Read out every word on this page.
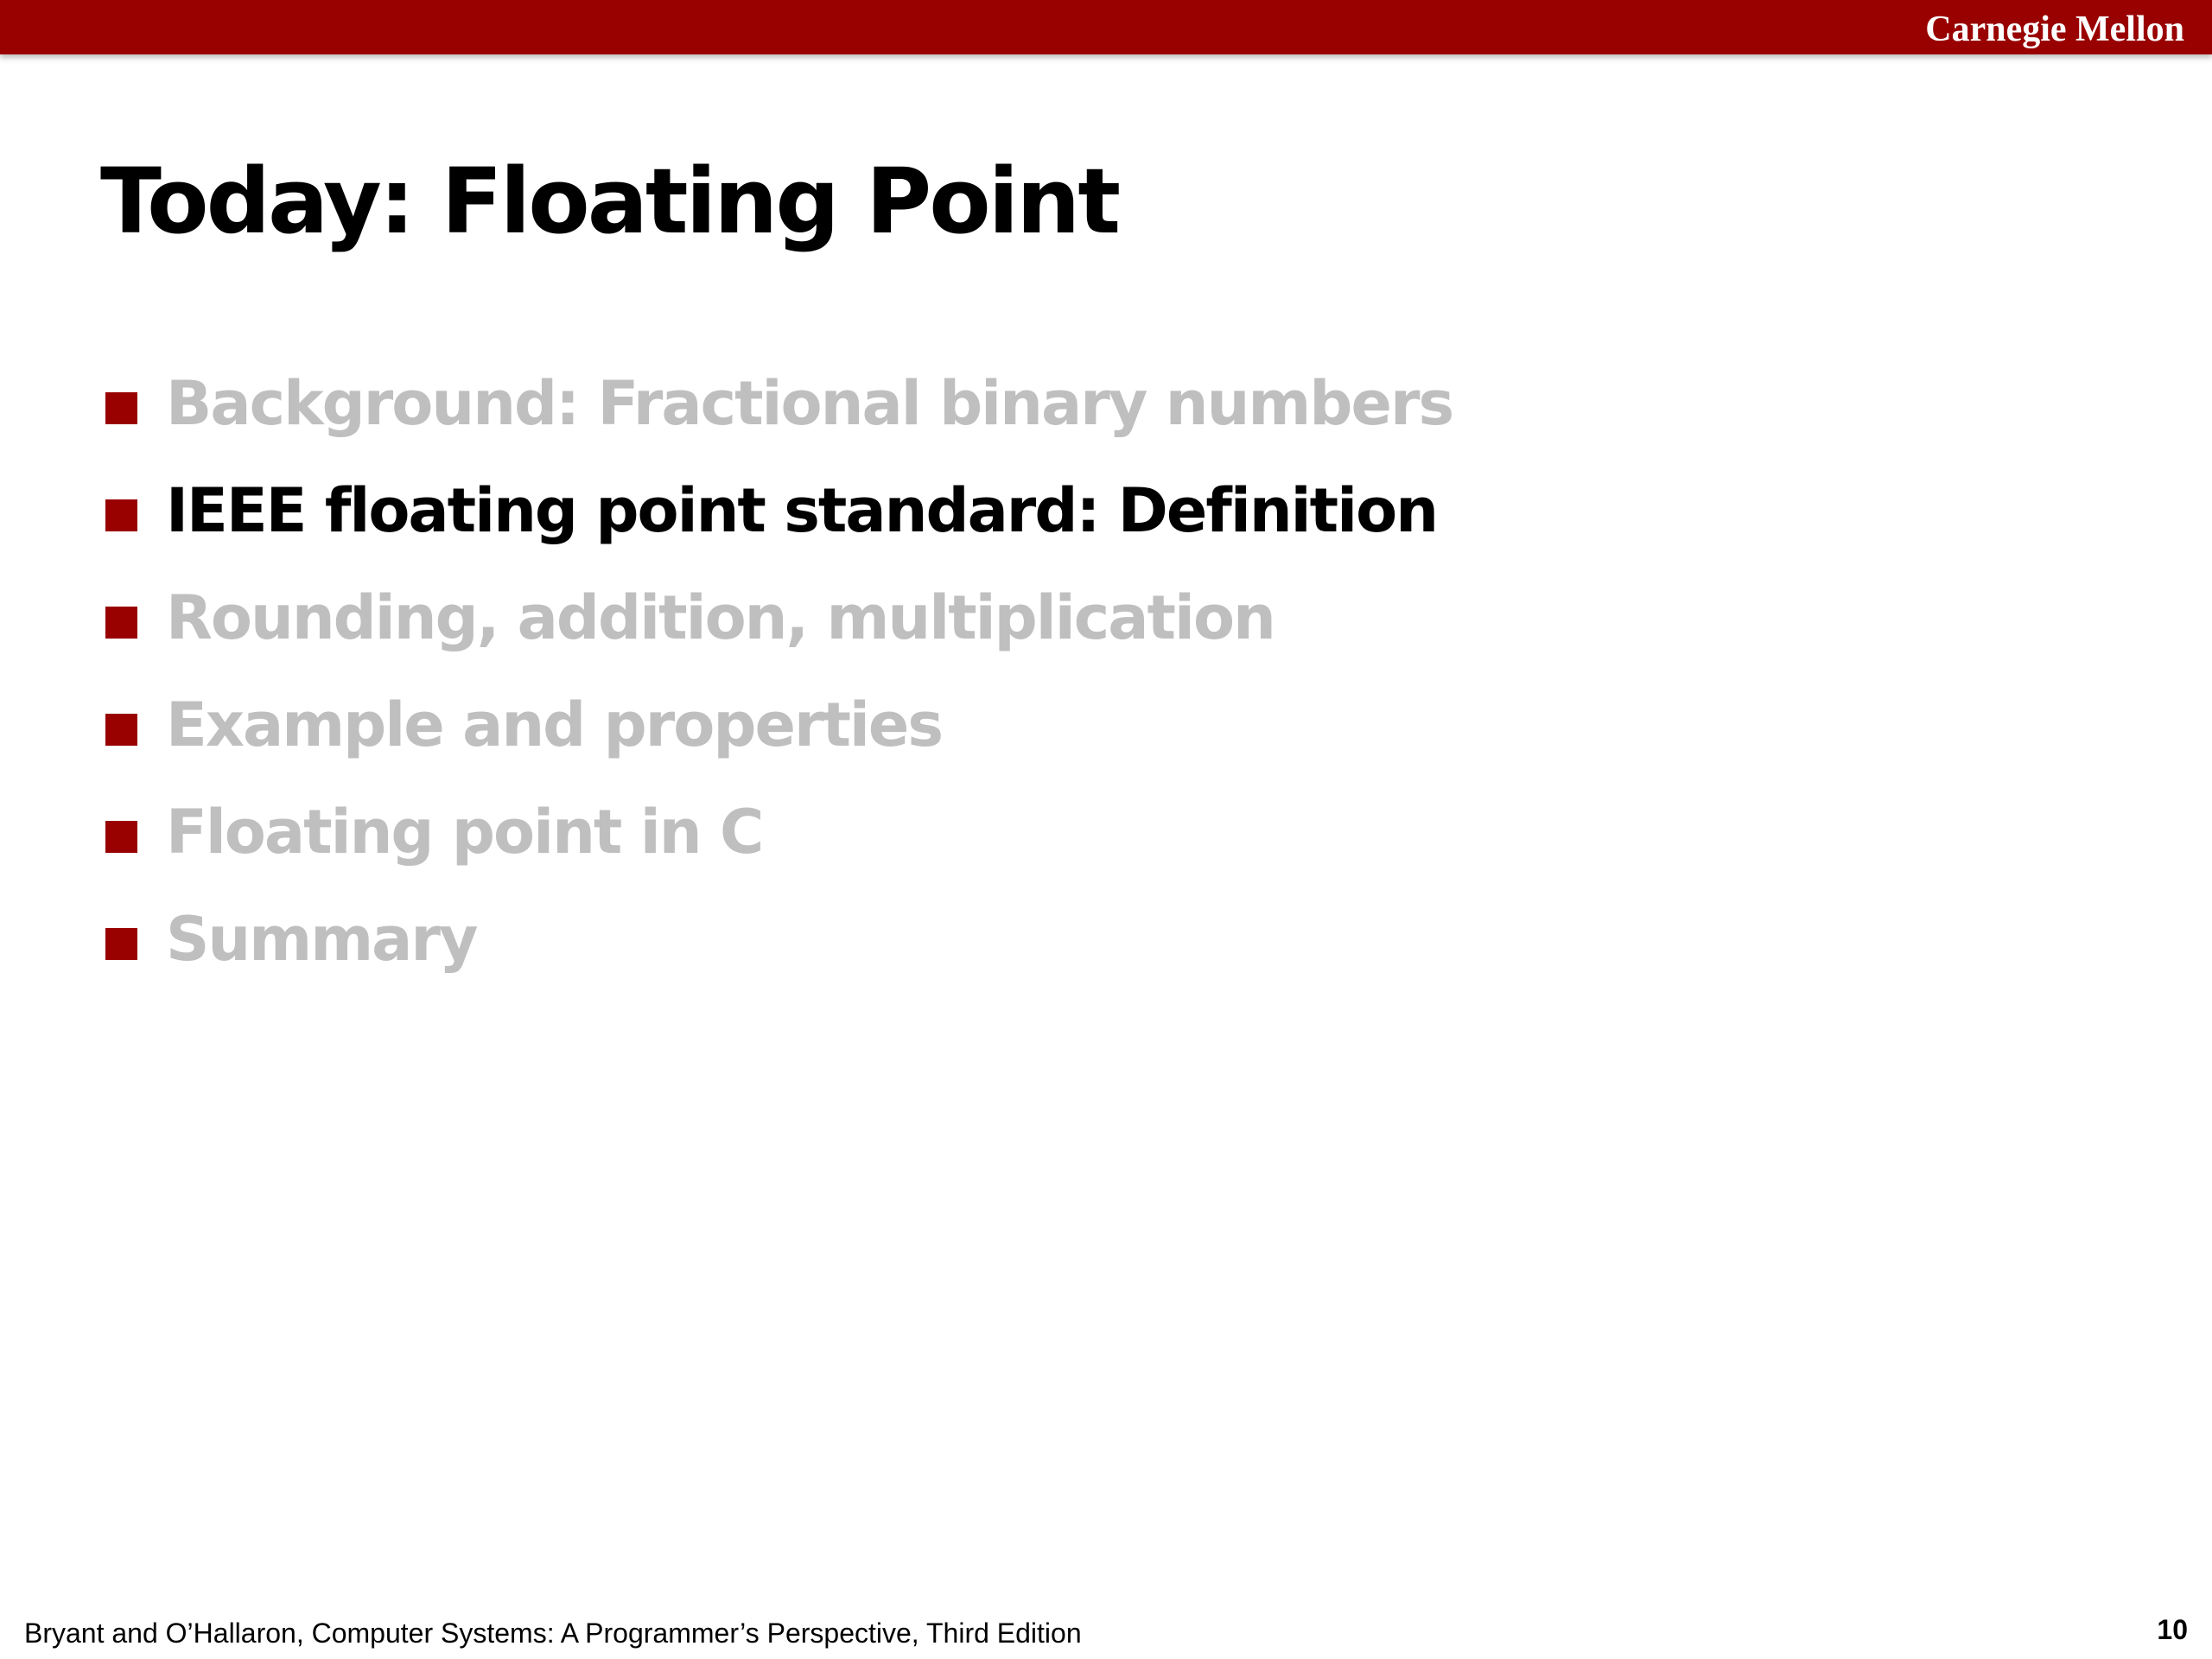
Carnegie Mellon
Today: Floating Point
Background: Fractional binary numbers
IEEE floating point standard: Definition
Rounding, addition, multiplication
Example and properties
Floating point in C
Summary
Bryant and O’Hallaron, Computer Systems: A Programmer’s Perspective, Third Edition	10
